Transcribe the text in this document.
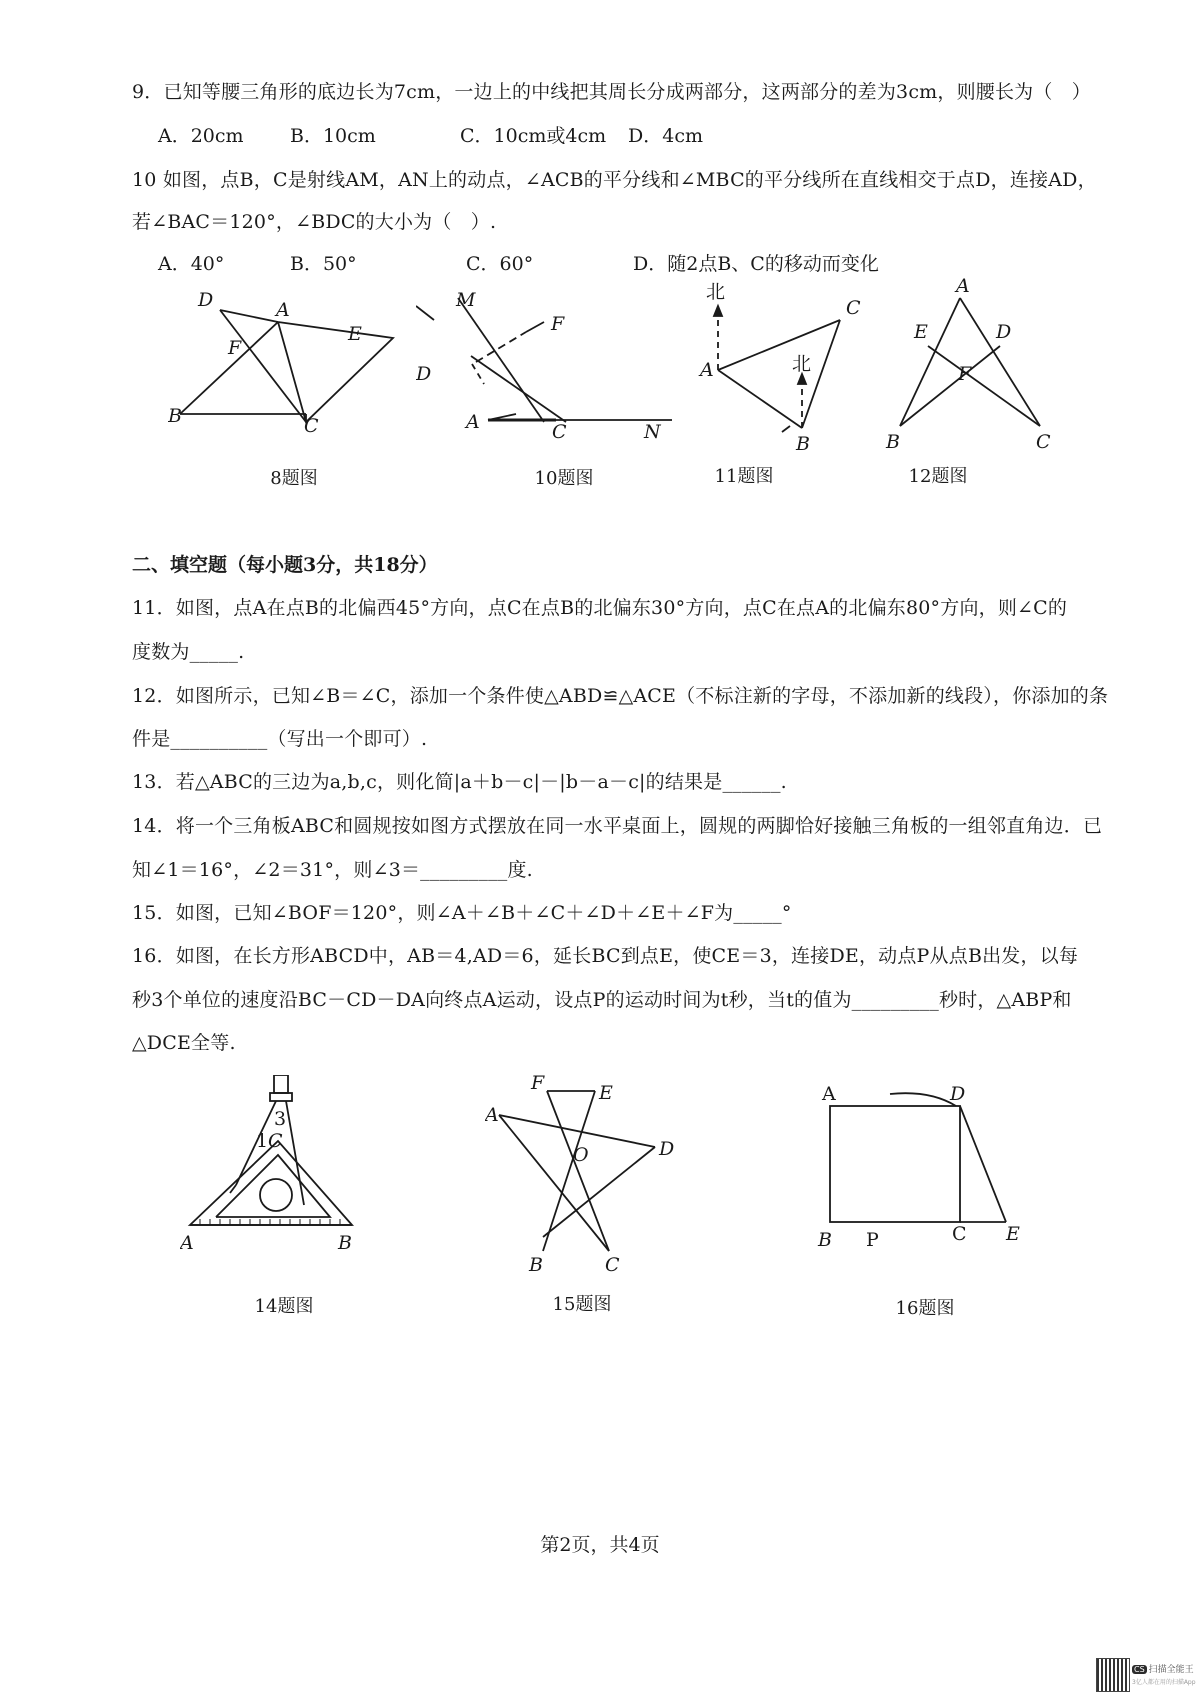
9．已知等腰三角形的底边长为7cm，一边上的中线把其周长分成两部分，这两部分的差为3cm，则腰长为（　）
A．20cm B．10cm	C．10cm或4cm D．4cm
10 如图，点B，C是射线AM，AN上的动点，∠ACB的平分线和∠MBC的平分线所在直线相交于点D，连接AD，
若∠BAC＝120°，∠BDC的大小为（　）.
A．40°	B．50°	C．60°	D．随2点B、C的移动而变化
D	A
F
E
B	C
8题图
M
F
D
A	C	N
10题图
北
C
A	北
B
11题图
A
E	D
F
B	C
12题图
二、填空题（每小题3分，共18分）
11．如图，点A在点B的北偏西45°方向，点C在点B的北偏东30°方向，点C在点A的北偏东80°方向，则∠C的
度数为_____.
12．如图所示，已知∠B＝∠C，添加一个条件使△ABD≌△ACE（不标注新的字母，不添加新的线段），你添加的条
件是__________（写出一个即可）.
13．若△ABC的三边为a,b,c，则化简|a＋b－c|－|b－a－c|的结果是______.
14．将一个三角板ABC和圆规按如图方式摆放在同一水平桌面上，圆规的两脚恰好接触三角板的一组邻直角边．已
知∠1＝16°，∠2＝31°，则∠3＝_________度.
15．如图，已知∠BOF＝120°，则∠A＋∠B＋∠C＋∠D＋∠E＋∠F为_____°
16．如图，在长方形ABCD中，AB＝4,AD＝6，延长BC到点E，使CE＝3，连接DE，动点P从点B出发，以每
秒3个单位的速度沿BC－CD－DA向终点A运动，设点P的运动时间为t秒，当t的值为_________秒时，△ABP和
△DCE全等.
3
1 C
A	B
14题图
F	E
A
O	D
B	C
15题图
A	D
B P	C E
16题图
第2页，共4页
CS 扫描全能王
3亿人都在用的扫描App
